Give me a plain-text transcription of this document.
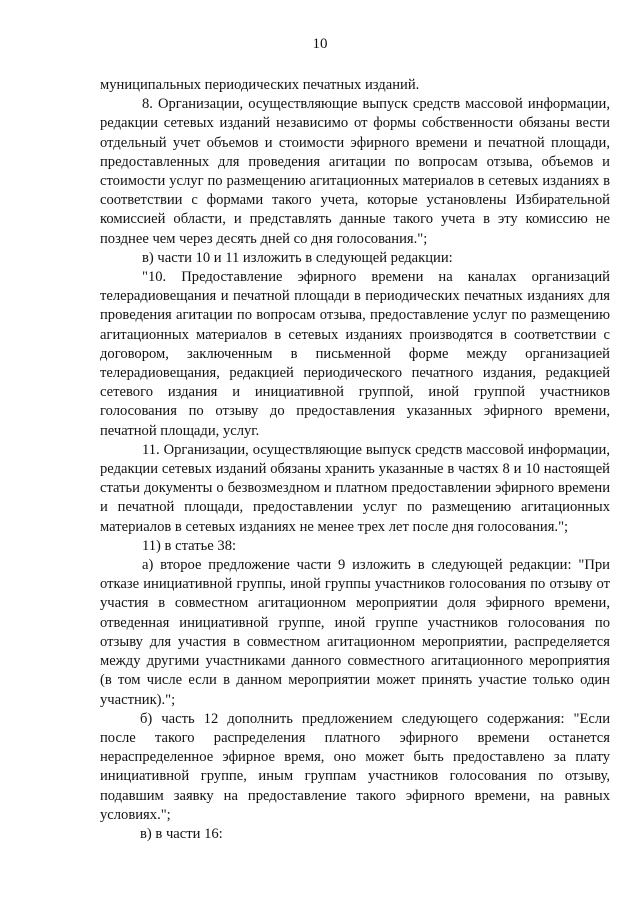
10

муниципальных периодических печатных изданий.

8. Организации, осуществляющие выпуск средств массовой информации, редакции сетевых изданий независимо от формы собственности обязаны вести отдельный учет объемов и стоимости эфирного времени и печатной площади, предоставленных для проведения агитации по вопросам отзыва, объемов и стоимости услуг по размещению агитационных материалов в сетевых изданиях в соответствии с формами такого учета, которые установлены Избирательной комиссией области, и представлять данные такого учета в эту комиссию не позднее чем через десять дней со дня голосования.";

в) части 10 и 11 изложить в следующей редакции:

"10. Предоставление эфирного времени на каналах организаций телерадиовещания и печатной площади в периодических печатных изданиях для проведения агитации по вопросам отзыва, предоставление услуг по размещению агитационных материалов в сетевых изданиях производятся в соответствии с договором, заключенным в письменной форме между организацией телерадиовещания, редакцией периодического печатного издания, редакцией сетевого издания и инициативной группой, иной группой участников голосования по отзыву до предоставления указанных эфирного времени, печатной площади, услуг.

11. Организации, осуществляющие выпуск средств массовой информации, редакции сетевых изданий обязаны хранить указанные в частях 8 и 10 настоящей статьи документы о безвозмездном и платном предоставлении эфирного времени и печатной площади, предоставлении услуг по размещению агитационных материалов в сетевых изданиях не менее трех лет после дня голосования.";

11) в статье 38:

а) второе предложение части 9 изложить в следующей редакции: "При отказе инициативной группы, иной группы участников голосования по отзыву от участия в совместном агитационном мероприятии доля эфирного времени, отведенная инициативной группе, иной группе участников голосования по отзыву для участия в совместном агитационном мероприятии, распределяется между другими участниками данного совместного агитационного мероприятия (в том числе если в данном мероприятии может принять участие только один участник).";

б) часть 12 дополнить предложением следующего содержания: "Если после такого распределения платного эфирного времени останется нераспределенное эфирное время, оно может быть предоставлено за плату инициативной группе, иным группам участников голосования по отзыву, подавшим заявку на предоставление такого эфирного времени, на равных условиях.";

в) в части 16:
